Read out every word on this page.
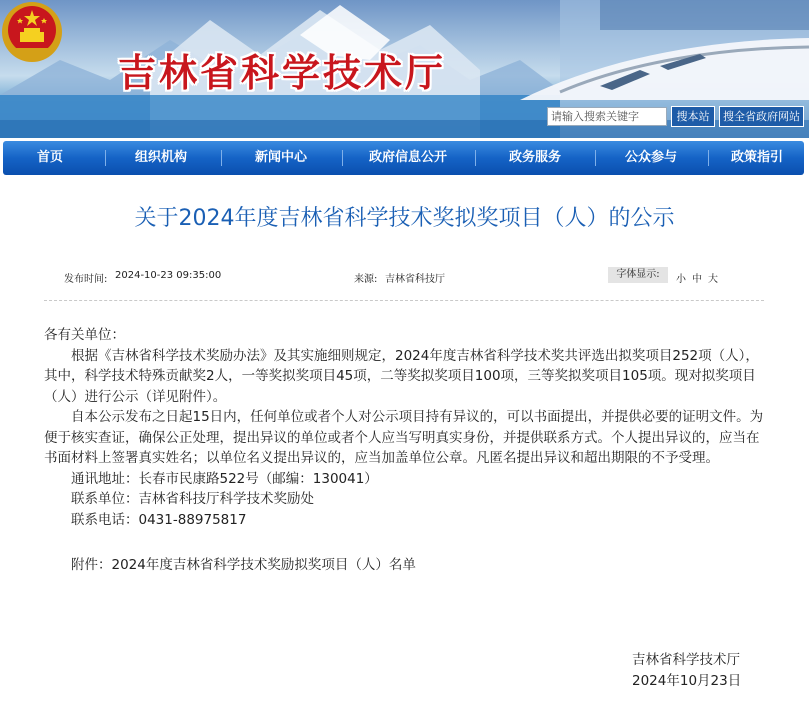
吉林省科学技术厅
请输入搜索关键字
搜本站	搜全省政府网站
首页	组织机构	新闻中心	政府信息公开	政务服务	公众参与	政策指引
关于2024年度吉林省科学技术奖拟奖项目（人）的公示
发布时间: 2024-10-23 09:35:00	来源: 吉林省科技厅	字体显示:	小 中 大

各有关单位：

根据《吉林省科学技术奖励办法》及其实施细则规定，2024年度吉林省科学技术奖共评选出拟奖项目252项（人），其中，科学技术特殊贡献奖2人，一等奖拟奖项目45项，二等奖拟奖项目100项，三等奖拟奖项目105项。现对拟奖项目（人）进行公示（详见附件）。

自本公示发布之日起15日内，任何单位或者个人对公示项目持有异议的，可以书面提出，并提供必要的证明文件。为便于核实查证，确保公正处理，提出异议的单位或者个人应当写明真实身份，并提供联系方式。个人提出异议的，应当在书面材料上签署真实姓名；以单位名义提出异议的，应当加盖单位公章。凡匿名提出异议和超出期限的不予受理。

通讯地址：长春市民康路522号（邮编：130041）

联系单位：吉林省科技厅科学技术奖励处

联系电话：0431-88975817

附件：2024年度吉林省科学技术奖励拟奖项目（人）名单

吉林省科学技术厅
2024年10月23日
